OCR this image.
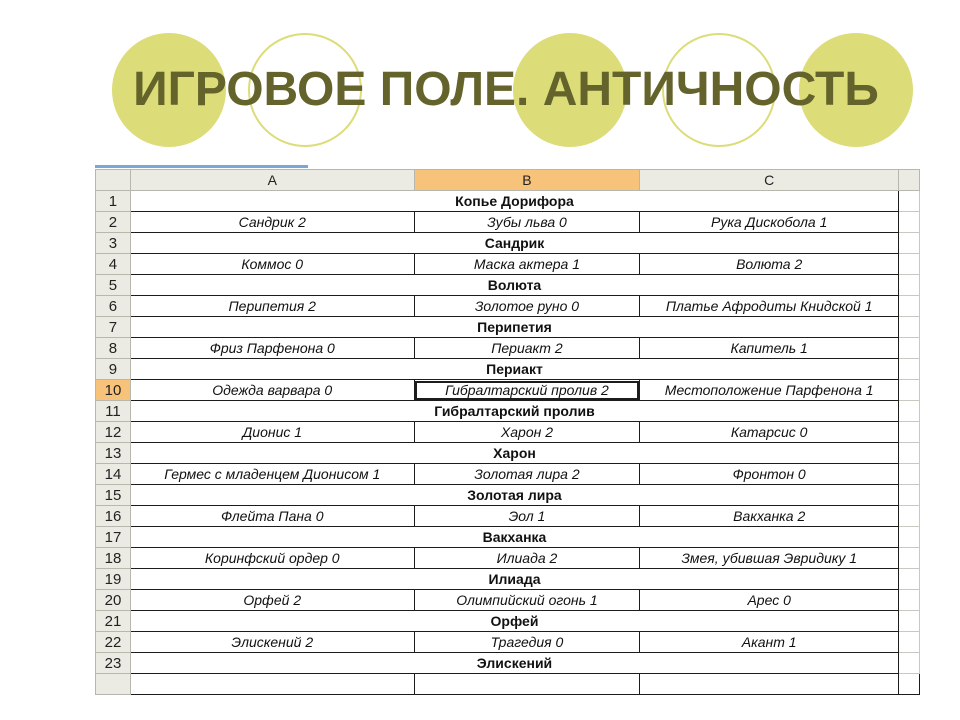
ИГРОВОЕ ПОЛЕ. АНТИЧНОСТЬ
	A	B	C	
1	Копье Дорифора			
2	Сандрик 2	Зубы льва 0	Рука Дискобола 1	
3	Сандрик			
4	Коммос 0	Маска актера 1	Волюта 2	
5	Волюта			
6	Перипетия 2	Золотое руно 0	Платье Афродиты Книдской 1	
7	Перипетия			
8	Фриз Парфенона 0	Периакт 2	Капитель 1	
9	Периакт			
10	Одежда варвара 0	Гибралтарский пролив 2	Местоположение Парфенона 1	
11	Гибралтарский пролив			
12	Дионис 1	Харон 2	Катарсис 0	
13	Харон			
14	Гермес с младенцем Дионисом 1	Золотая лира 2	Фронтон 0	
15	Золотая лира			
16	Флейта Пана 0	Эол 1	Вакханка 2	
17	Вакханка			
18	Коринфский ордер 0	Илиада 2	Змея, убившая Эвридику 1	
19	Илиада			
20	Орфей 2	Олимпийский огонь 1	Арес 0	
21	Орфей			
22	Элискений 2	Трагедия 0	Акант 1	
23	Элискений			
